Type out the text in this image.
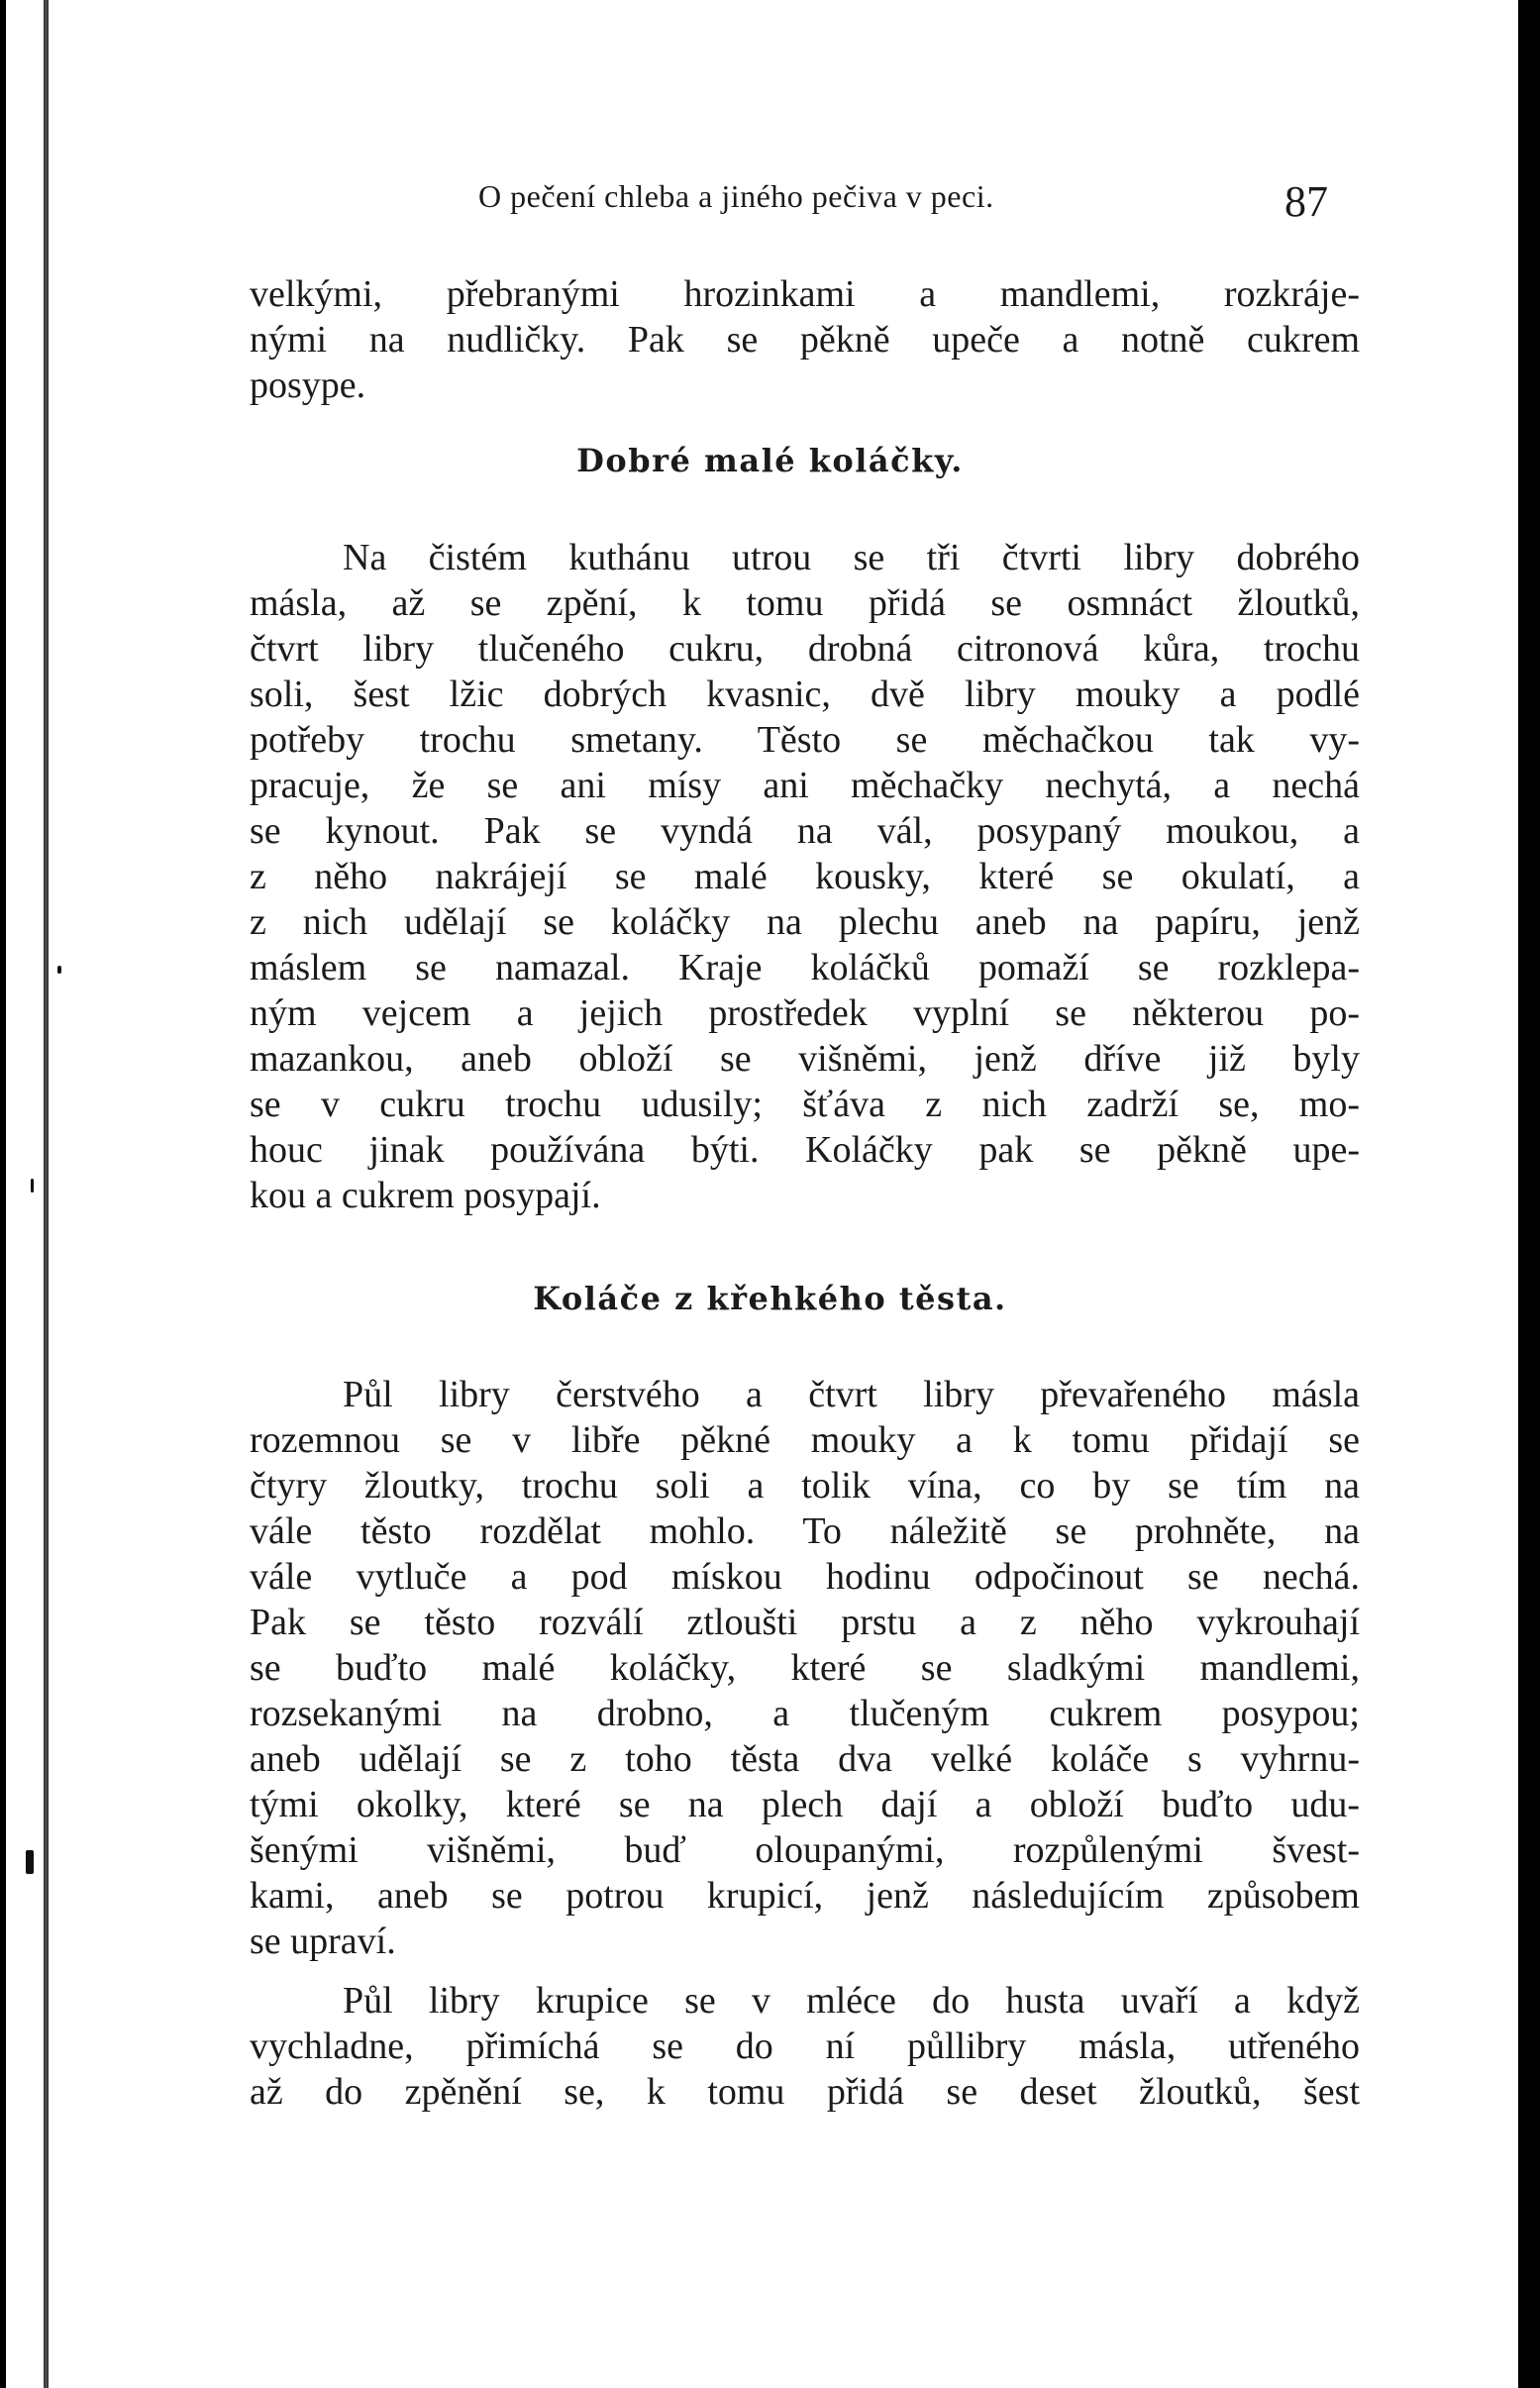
O pečení chleba a jiného pečiva v peci.	87
velkými, přebranými hrozinkami a mandlemi, rozkráje-
nými na nudličky. Pak se pěkně upeče a notně cukrem
posype.
Dobré malé koláčky.
Na čistém kuthánu utrou se tři čtvrti libry dobrého
másla, až se zpění, k tomu přidá se osmnáct žloutků,
čtvrt libry tlučeného cukru, drobná citronová kůra, trochu
soli, šest lžic dobrých kvasnic, dvě libry mouky a podlé
potřeby trochu smetany. Těsto se měchačkou tak vy-
pracuje, že se ani mísy ani měchačky nechytá, a nechá
se kynout. Pak se vyndá na vál, posypaný moukou, a
z něho nakrájejí se malé kousky, které se okulatí, a
z nich udělají se koláčky na plechu aneb na papíru, jenž
máslem se namazal. Kraje koláčků pomaží se rozklepa-
ným vejcem a jejich prostředek vyplní se některou po-
mazankou, aneb obloží se višněmi, jenž dříve již byly
se v cukru trochu udusily; šťáva z nich zadrží se, mo-
houc jinak používána býti. Koláčky pak se pěkně upe-
kou a cukrem posypají.
Koláče z křehkého těsta.
Půl libry čerstvého a čtvrt libry převařeného másla
rozemnou se v libře pěkné mouky a k tomu přidají se
čtyry žloutky, trochu soli a tolik vína, co by se tím na
vále těsto rozdělat mohlo. To náležitě se prohněte, na
vále vytluče a pod mískou hodinu odpočinout se nechá.
Pak se těsto rozválí ztloušti prstu a z něho vykrouhají
se buďto malé koláčky, které se sladkými mandlemi,
rozsekanými na drobno, a tlučeným cukrem posypou;
aneb udělají se z toho těsta dva velké koláče s vyhrnu-
tými okolky, které se na plech dají a obloží buďto udu-
šenými višněmi, buď oloupanými, rozpůlenými švest-
kami, aneb se potrou krupicí, jenž následujícím způsobem
se upraví.
Půl libry krupice se v mléce do husta uvaří a když
vychladne, přimíchá se do ní půllibry másla, utřeného
až do zpěnění se, k tomu přidá se deset žloutků, šest
